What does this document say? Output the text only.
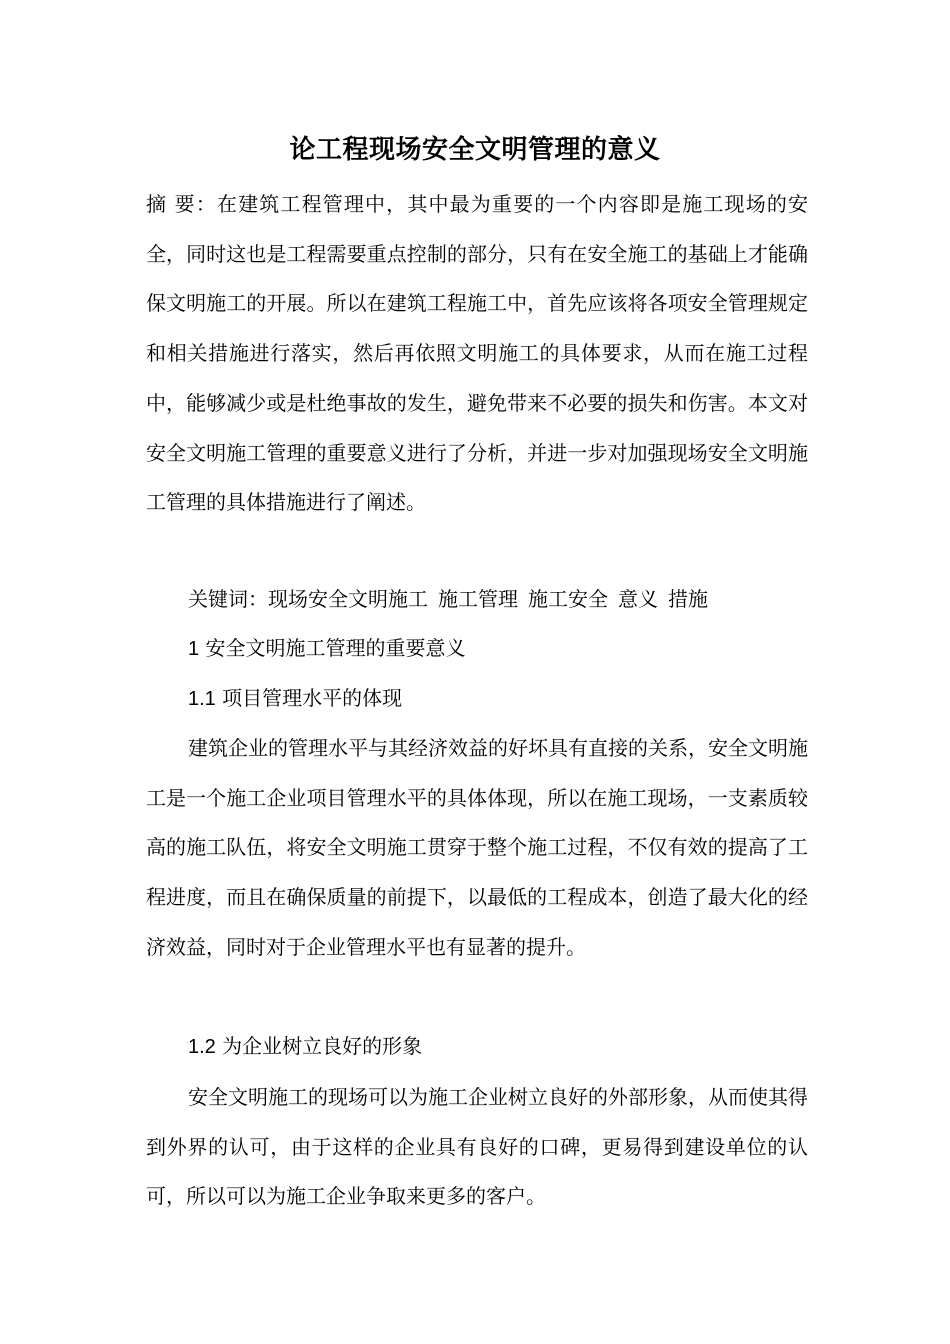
论工程现场安全文明管理的意义
摘 要：在建筑工程管理中，其中最为重要的一个内容即是施工现场的安全，同时这也是工程需要重点控制的部分，只有在安全施工的基础上才能确保文明施工的开展。所以在建筑工程施工中，首先应该将各项安全管理规定和相关措施进行落实，然后再依照文明施工的具体要求，从而在施工过程中，能够减少或是杜绝事故的发生，避免带来不必要的损失和伤害。本文对安全文明施工管理的重要意义进行了分析，并进一步对加强现场安全文明施工管理的具体措施进行了阐述。
关键词：现场安全文明施工 施工管理 施工安全 意义 措施
1 安全文明施工管理的重要意义
1.1 项目管理水平的体现
建筑企业的管理水平与其经济效益的好坏具有直接的关系，安全文明施工是一个施工企业项目管理水平的具体体现，所以在施工现场，一支素质较高的施工队伍，将安全文明施工贯穿于整个施工过程，不仅有效的提高了工程进度，而且在确保质量的前提下，以最低的工程成本，创造了最大化的经济效益，同时对于企业管理水平也有显著的提升。
1.2 为企业树立良好的形象
安全文明施工的现场可以为施工企业树立良好的外部形象，从而使其得到外界的认可，由于这样的企业具有良好的口碑，更易得到建设单位的认可，所以可以为施工企业争取来更多的客户。
